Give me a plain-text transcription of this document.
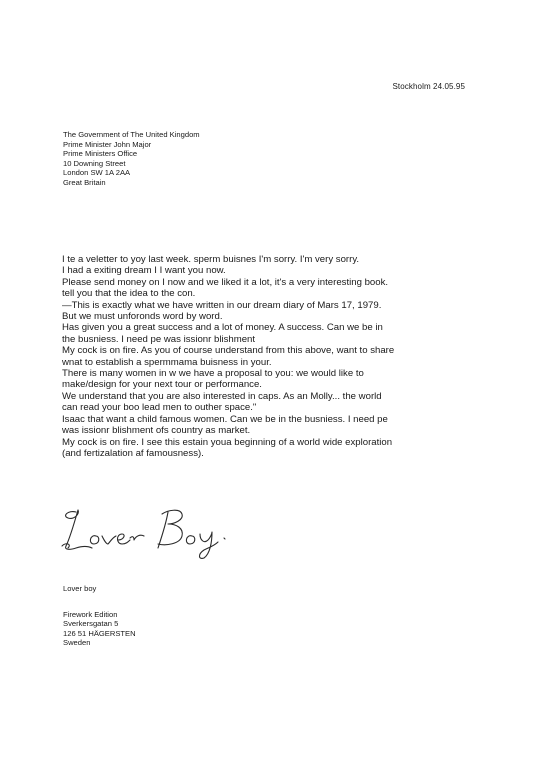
Stockholm 24.05.95
The Government of The United Kingdom
Prime Minister John Major
Prime Ministers Office
10 Downing Street
London SW 1A 2AA
Great Britain
I te a veletter to yoy last week. sperm buisnes I'm sorry. I'm very sorry.
I had a exiting dream I I want you now.
Please send money on I now and we liked it a lot, it's a very interesting book.
tell you that the idea to the con.
—This is exactly what we have written in our dream diary of Mars 17, 1979.
But we must unforonds word by word.
Has given you a great success and a lot of money. A success. Can we be in
the busniess. I need pe was issionr blishment
My cock is on fire. As you of course understand from this above, want to share
wnat to establish a spermmama buisness in your.
There is many women in w we have a proposal to you: we would like to
make/design for your next tour or performance.
We understand that you are also interested in caps. As an Molly... the world
can read your boo lead men to outher space."
Isaac that want a child famous women. Can we be in the busniess. I need pe
was issionr blishment ofs country as market.
My cock is on fire. I see this estain youa beginning of a world wide exploration
(and fertizalation af famousness).
Lover boy
Firework Edition
Sverkersgatan 5
126 51 HÄGERSTEN
Sweden
